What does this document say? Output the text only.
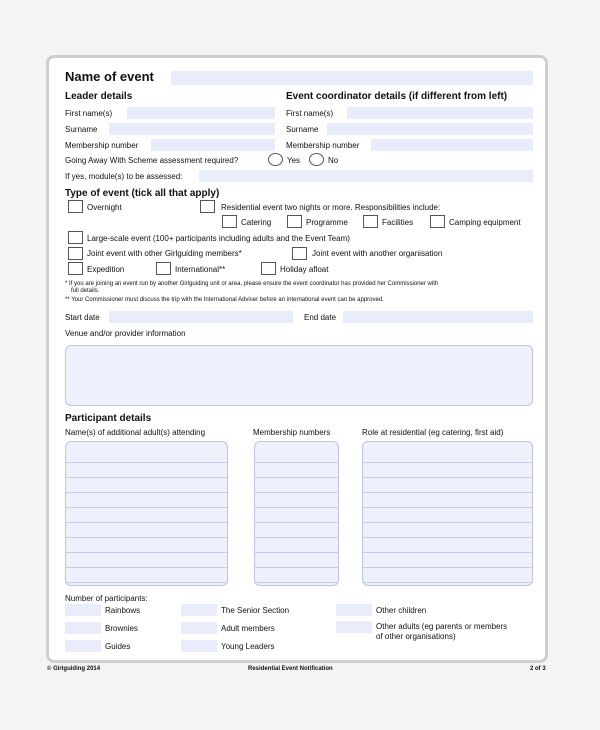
Name of event
Leader details
First name(s)
Surname
Membership number
Event coordinator details (if different from left)
First name(s)
Surname
Membership number
Going Away With Scheme assessment required?	Yes	No
If yes, module(s) to be assessed:
Type of event (tick all that apply)
Overnight	Residential event two nights or more. Responsibilities include:
Catering	Programme	Facilities	Camping equipment
Large-scale event (100+ participants including adults and the Event Team)
Joint event with other Girlguiding members*	Joint event with another organisation
Expedition	International**	Holiday afloat
* If you are joining an event run by another Girlguiding unit or area, please ensure the event coordinator has provided her Commissioner with
full details.
** Your Commissioner must discuss the trip with the International Adviser before an international event can be approved.
Start date	End date
Venue and/or provider information
Participant details
Name(s) of additional adult(s) attending	Membership numbers	Role at residential (eg catering, first aid)
Number of participants:
Rainbows
Brownies
Guides
The Senior Section
Adult members
Young Leaders
Other children
Other adults (eg parents or members
of other organisations)
© Girlguiding 2014	Residential Event Notification	2 of 3
